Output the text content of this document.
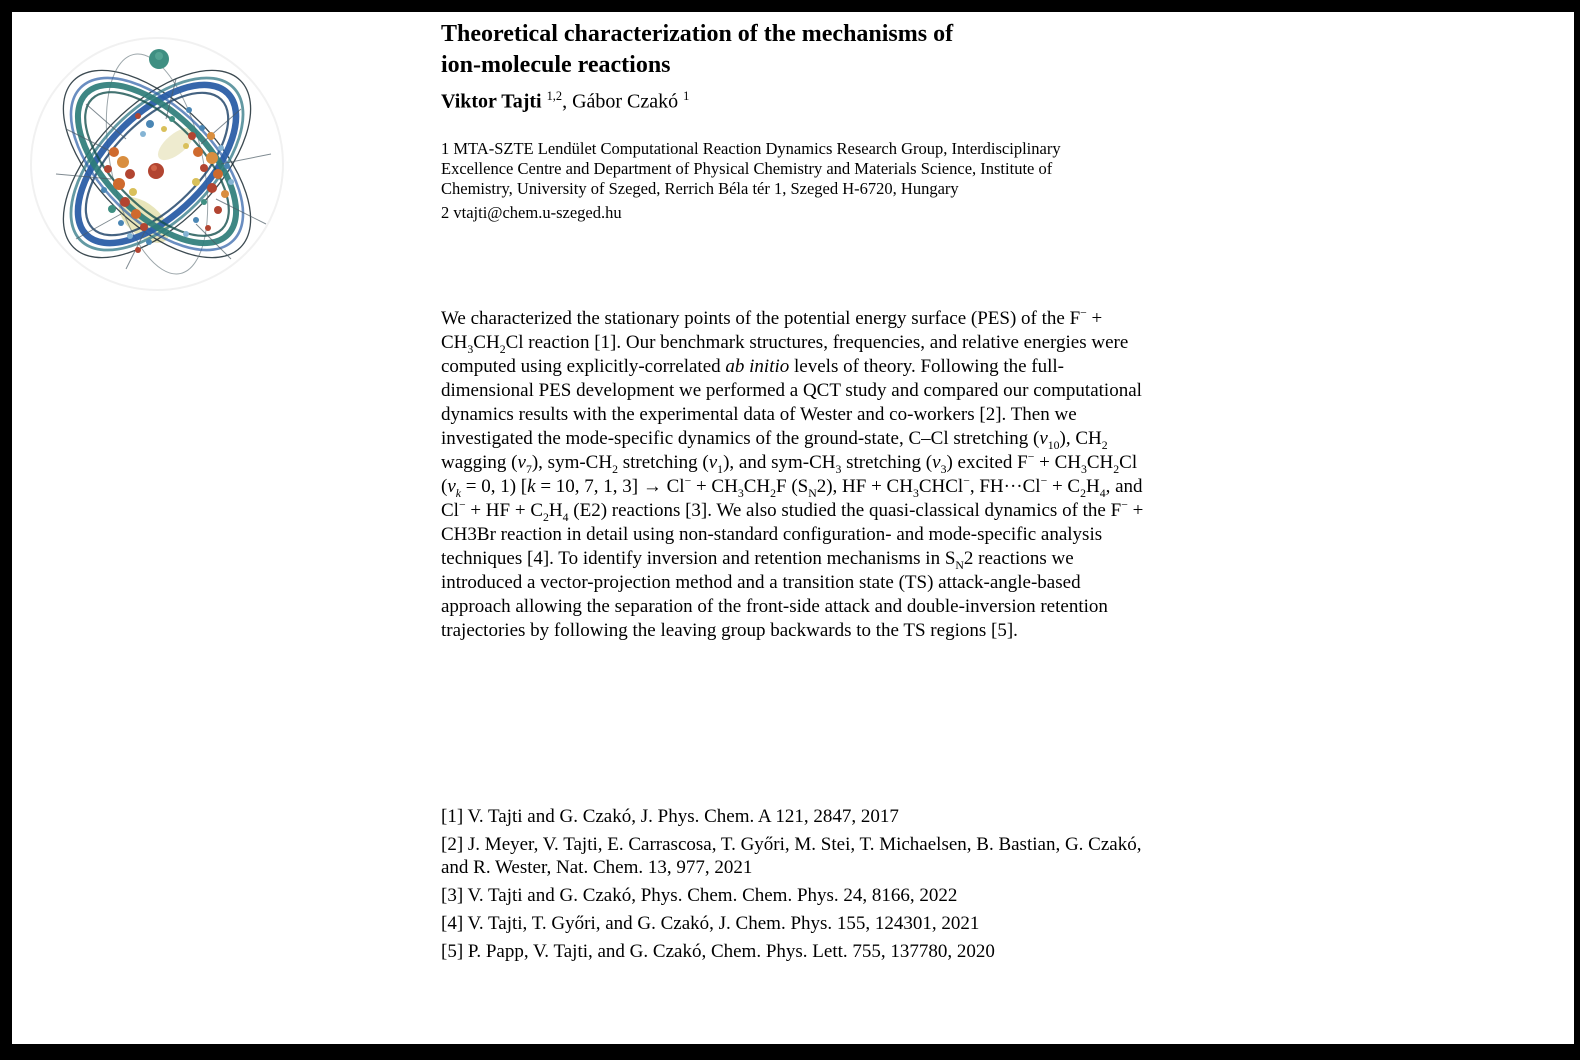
Theoretical characterization of the mechanisms of
ion-molecule reactions
Viktor Tajti $^{1,2}$, Gábor Czakó $^1$
1 MTA-SZTE Lendület Computational Reaction Dynamics Research Group, Interdisciplinary Excellence Centre and Department of Physical Chemistry and Materials Science, Institute of Chemistry, University of Szeged, Rerrich Béla tér 1, Szeged H-6720, Hungary
2 vtajti@chem.u-szeged.hu
We characterized the stationary points of the potential energy surface (PES) of the $F^- + CH_3CH_2Cl$ reaction [1]. Our benchmark structures, frequencies, and relative energies were computed using explicitly-correlated ab initio levels of theory. Following the full-dimensional PES development we performed a QCT study and compared our computational dynamics results with the experimental data of Wester and co-workers [2]. Then we investigated the mode-specific dynamics of the ground-state, C–Cl stretching $(v_{10})$, $CH_2$ wagging $(v_7)$, sym-$CH_2$ stretching $(v_1)$, and sym-$CH_3$ stretching $(v_3)$ excited $F^- + CH_3CH_2Cl$ ($v_k = 0$, 1) [k = 10, 7, 1, $3] \to Cl^- + CH_3CH_2F$ $(S_N2)$, HF + $CH_3CHCl^-$, $FH\cdot\cdot\cdot Cl^- + C_2H_4$, and Cl− + HF + $C_2H_4$ (E2) reactions [3]. We also studied the quasi-classical dynamics of the F− + CH3Br reaction in detail using non-standard configuration- and mode-specific analysis techniques [4]. To identify inversion and retention mechanisms in $S_N2$ reactions we introduced a vector-projection method and a transition state (TS) attack-angle-based approach allowing the separation of the front-side attack and double-inversion retention trajectories by following the leaving group backwards to the TS regions [5].

[1] V. Tajti and G. Czakó, J. Phys. Chem. A 121, 2847, 2017

[2] J. Meyer, V. Tajti, E. Carrascosa, T. Győri, M. Stei, T. Michaelsen, B. Bastian, G. Czakó, and R. Wester, Nat. Chem. 13, 977, 2021

[3] V. Tajti and G. Czakó, Phys. Chem. Chem. Phys. 24, 8166, 2022

[4] V. Tajti, T. Győri, and G. Czakó, J. Chem. Phys. 155, 124301, 2021

[5] P. Papp, V. Tajti, and G. Czakó, Chem. Phys. Lett. 755, 137780, 2020
